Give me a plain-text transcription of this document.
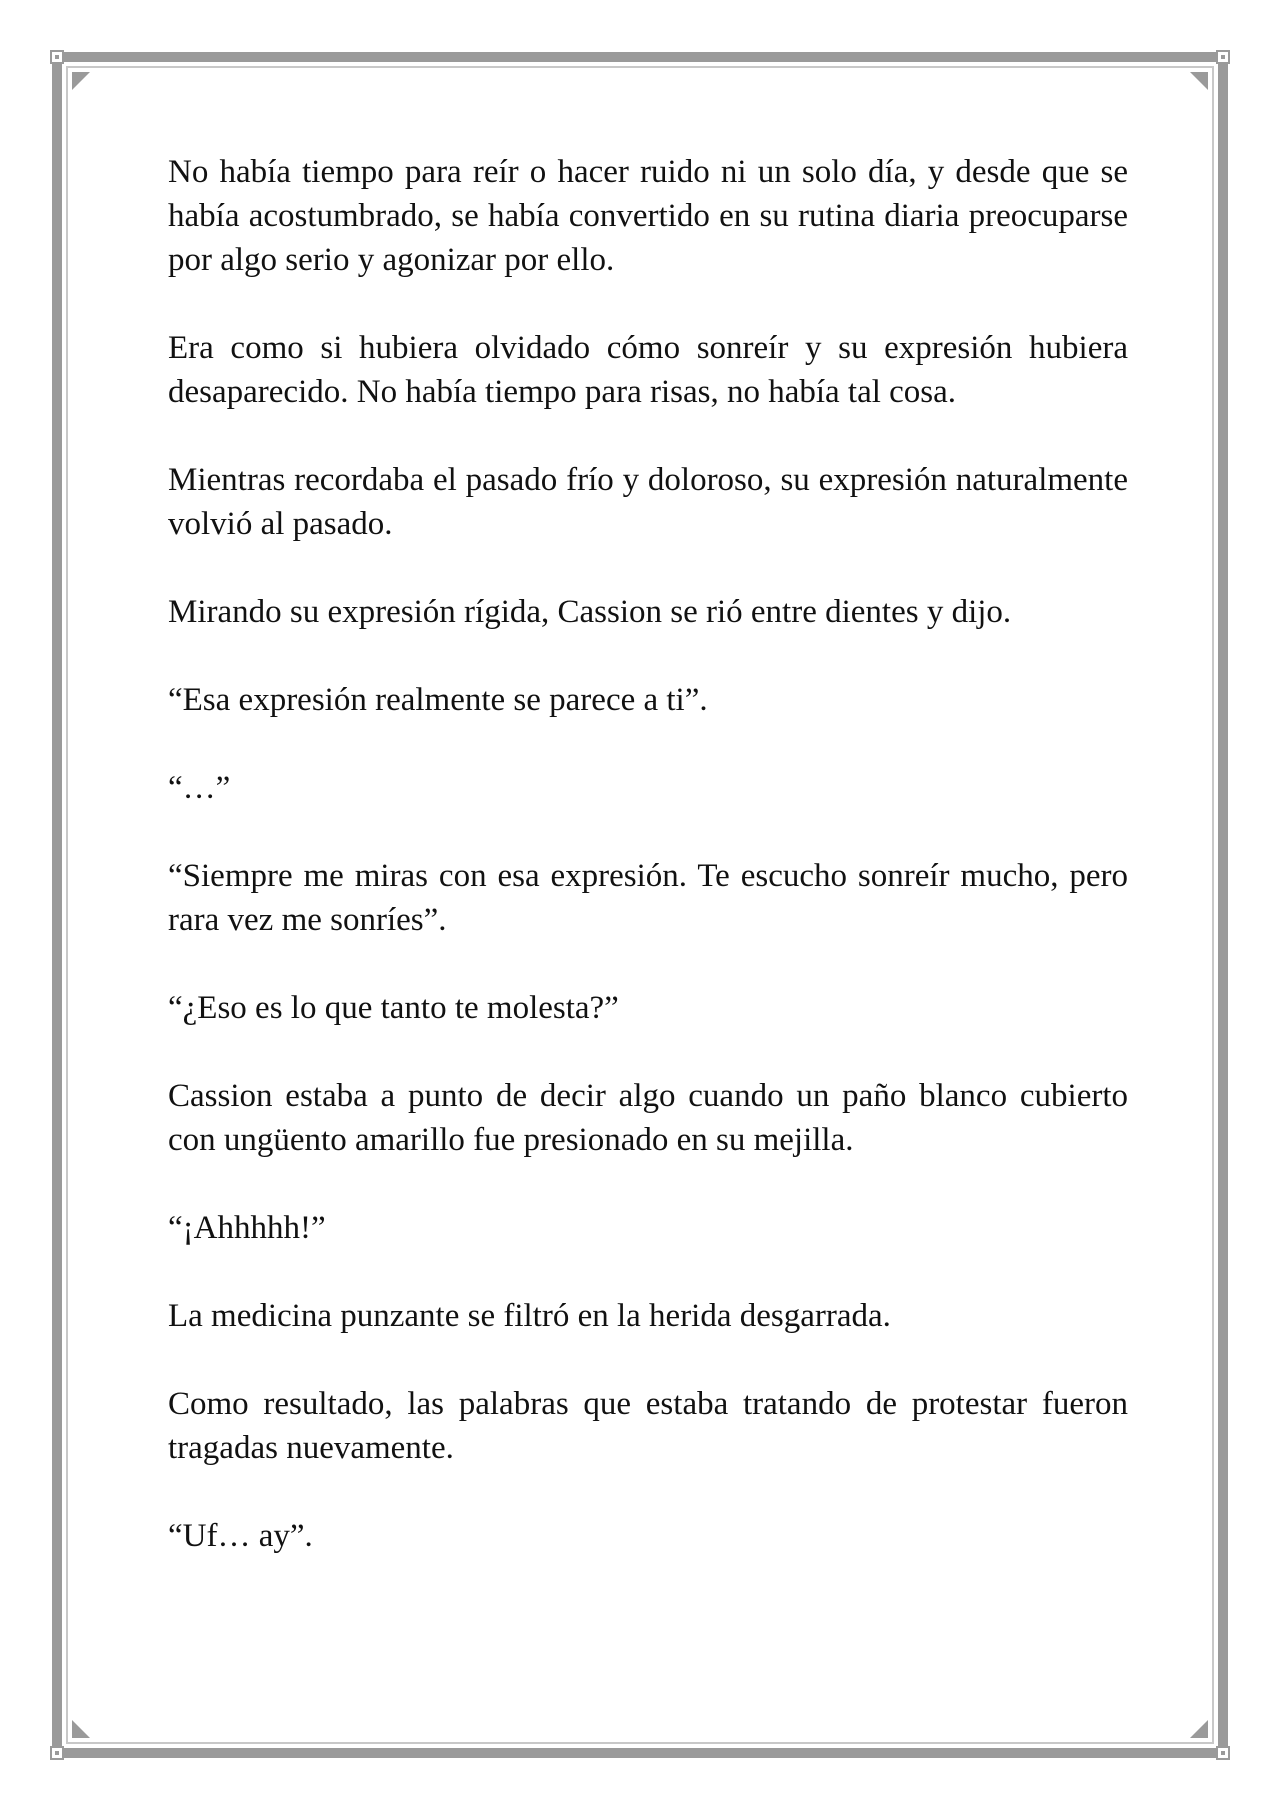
No había tiempo para reír o hacer ruido ni un solo día, y desde que se había acostumbrado, se había convertido en su rutina diaria preocuparse por algo serio y agonizar por ello.

Era como si hubiera olvidado cómo sonreír y su expresión hubiera desaparecido. No había tiempo para risas, no había tal cosa.

Mientras recordaba el pasado frío y doloroso, su expresión naturalmente volvió al pasado.

Mirando su expresión rígida, Cassion se rió entre dientes y dijo.

“Esa expresión realmente se parece a ti”.

“…”

“Siempre me miras con esa expresión. Te escucho sonreír mucho, pero rara vez me sonríes”.

“¿Eso es lo que tanto te molesta?”

Cassion estaba a punto de decir algo cuando un paño blanco cubierto con ungüento amarillo fue presionado en su mejilla.

“¡Ahhhhh!”

La medicina punzante se filtró en la herida desgarrada.

Como resultado, las palabras que estaba tratando de protestar fueron tragadas nuevamente.

“Uf… ay”.
